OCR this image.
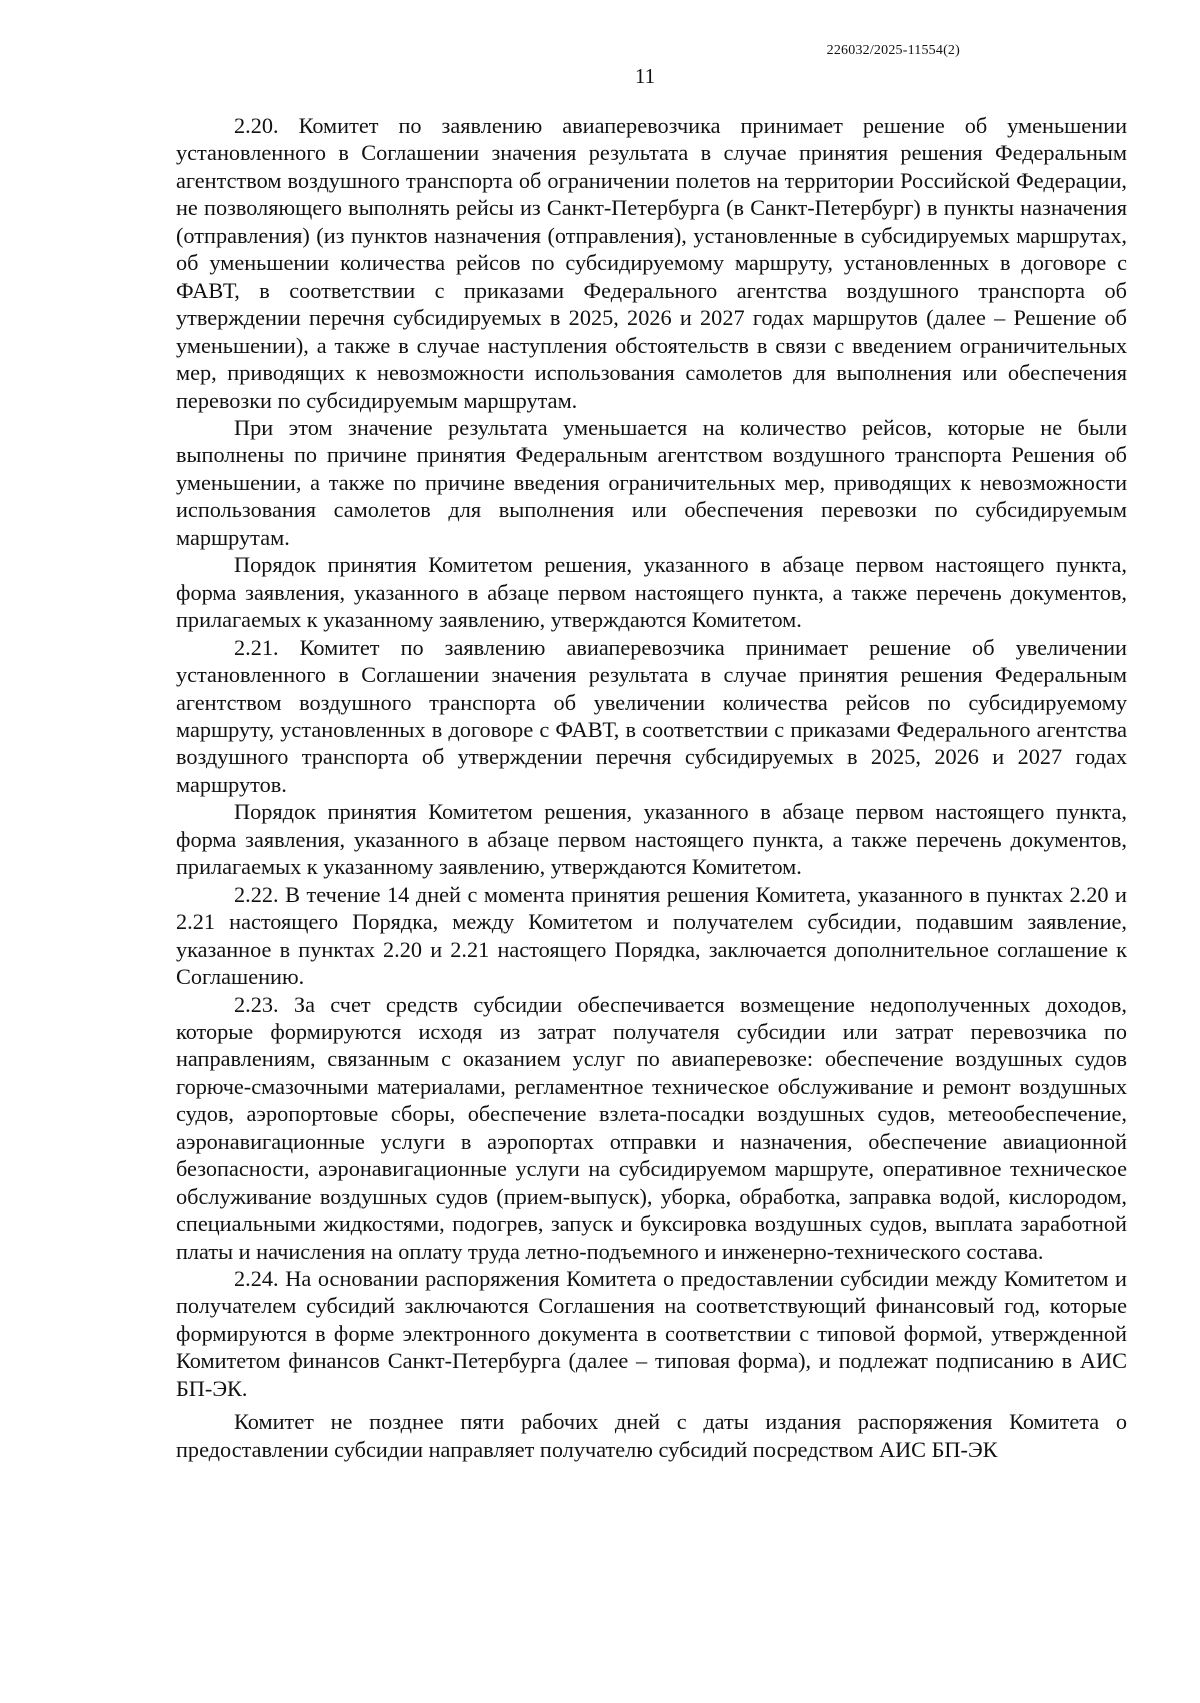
226032/2025-11554(2)
11

2.20. Комитет по заявлению авиаперевозчика принимает решение об уменьшении установленного в Соглашении значения результата в случае принятия решения Федеральным агентством воздушного транспорта об ограничении полетов на территории Российской Федерации, не позволяющего выполнять рейсы из Санкт-Петербурга (в Санкт-Петербург) в пункты назначения (отправления) (из пунктов назначения (отправления), установленные в субсидируемых маршрутах, об уменьшении количества рейсов по субсидируемому маршруту, установленных в договоре с ФАВТ, в соответствии с приказами Федерального агентства воздушного транспорта об утверждении перечня субсидируемых в 2025, 2026 и 2027 годах маршрутов (далее – Решение об уменьшении), а также в случае наступления обстоятельств в связи с введением ограничительных мер, приводящих к невозможности использования самолетов для выполнения или обеспечения перевозки по субсидируемым маршрутам.

При этом значение результата уменьшается на количество рейсов, которые не были выполнены по причине принятия Федеральным агентством воздушного транспорта Решения об уменьшении, а также по причине введения ограничительных мер, приводящих к невозможности использования самолетов для выполнения или обеспечения перевозки по субсидируемым маршрутам.

Порядок принятия Комитетом решения, указанного в абзаце первом настоящего пункта, форма заявления, указанного в абзаце первом настоящего пункта, а также перечень документов, прилагаемых к указанному заявлению, утверждаются Комитетом.

2.21. Комитет по заявлению авиаперевозчика принимает решение об увеличении установленного в Соглашении значения результата в случае принятия решения Федеральным агентством воздушного транспорта об увеличении количества рейсов по субсидируемому маршруту, установленных в договоре с ФАВТ, в соответствии с приказами Федерального агентства воздушного транспорта об утверждении перечня субсидируемых в 2025, 2026 и 2027 годах маршрутов.

Порядок принятия Комитетом решения, указанного в абзаце первом настоящего пункта, форма заявления, указанного в абзаце первом настоящего пункта, а также перечень документов, прилагаемых к указанному заявлению, утверждаются Комитетом.

2.22. В течение 14 дней с момента принятия решения Комитета, указанного в пунктах 2.20 и 2.21 настоящего Порядка, между Комитетом и получателем субсидии, подавшим заявление, указанное в пунктах 2.20 и 2.21 настоящего Порядка, заключается дополнительное соглашение к Соглашению.

2.23. За счет средств субсидии обеспечивается возмещение недополученных доходов, которые формируются исходя из затрат получателя субсидии или затрат перевозчика по направлениям, связанным с оказанием услуг по авиаперевозке: обеспечение воздушных судов горюче-смазочными материалами, регламентное техническое обслуживание и ремонт воздушных судов, аэропортовые сборы, обеспечение взлета-посадки воздушных судов, метеообеспечение, аэронавигационные услуги в аэропортах отправки и назначения, обеспечение авиационной безопасности, аэронавигационные услуги на субсидируемом маршруте, оперативное техническое обслуживание воздушных судов (прием-выпуск), уборка, обработка, заправка водой, кислородом, специальными жидкостями, подогрев, запуск и буксировка воздушных судов, выплата заработной платы и начисления на оплату труда летно-подъемного и инженерно-технического состава.

2.24. На основании распоряжения Комитета о предоставлении субсидии между Комитетом и получателем субсидий заключаются Соглашения на соответствующий финансовый год, которые формируются в форме электронного документа в соответствии с типовой формой, утвержденной Комитетом финансов Санкт-Петербурга (далее – типовая форма), и подлежат подписанию в АИС БП-ЭК.

Комитет не позднее пяти рабочих дней с даты издания распоряжения Комитета о предоставлении субсидии направляет получателю субсидий посредством АИС БП-ЭК
